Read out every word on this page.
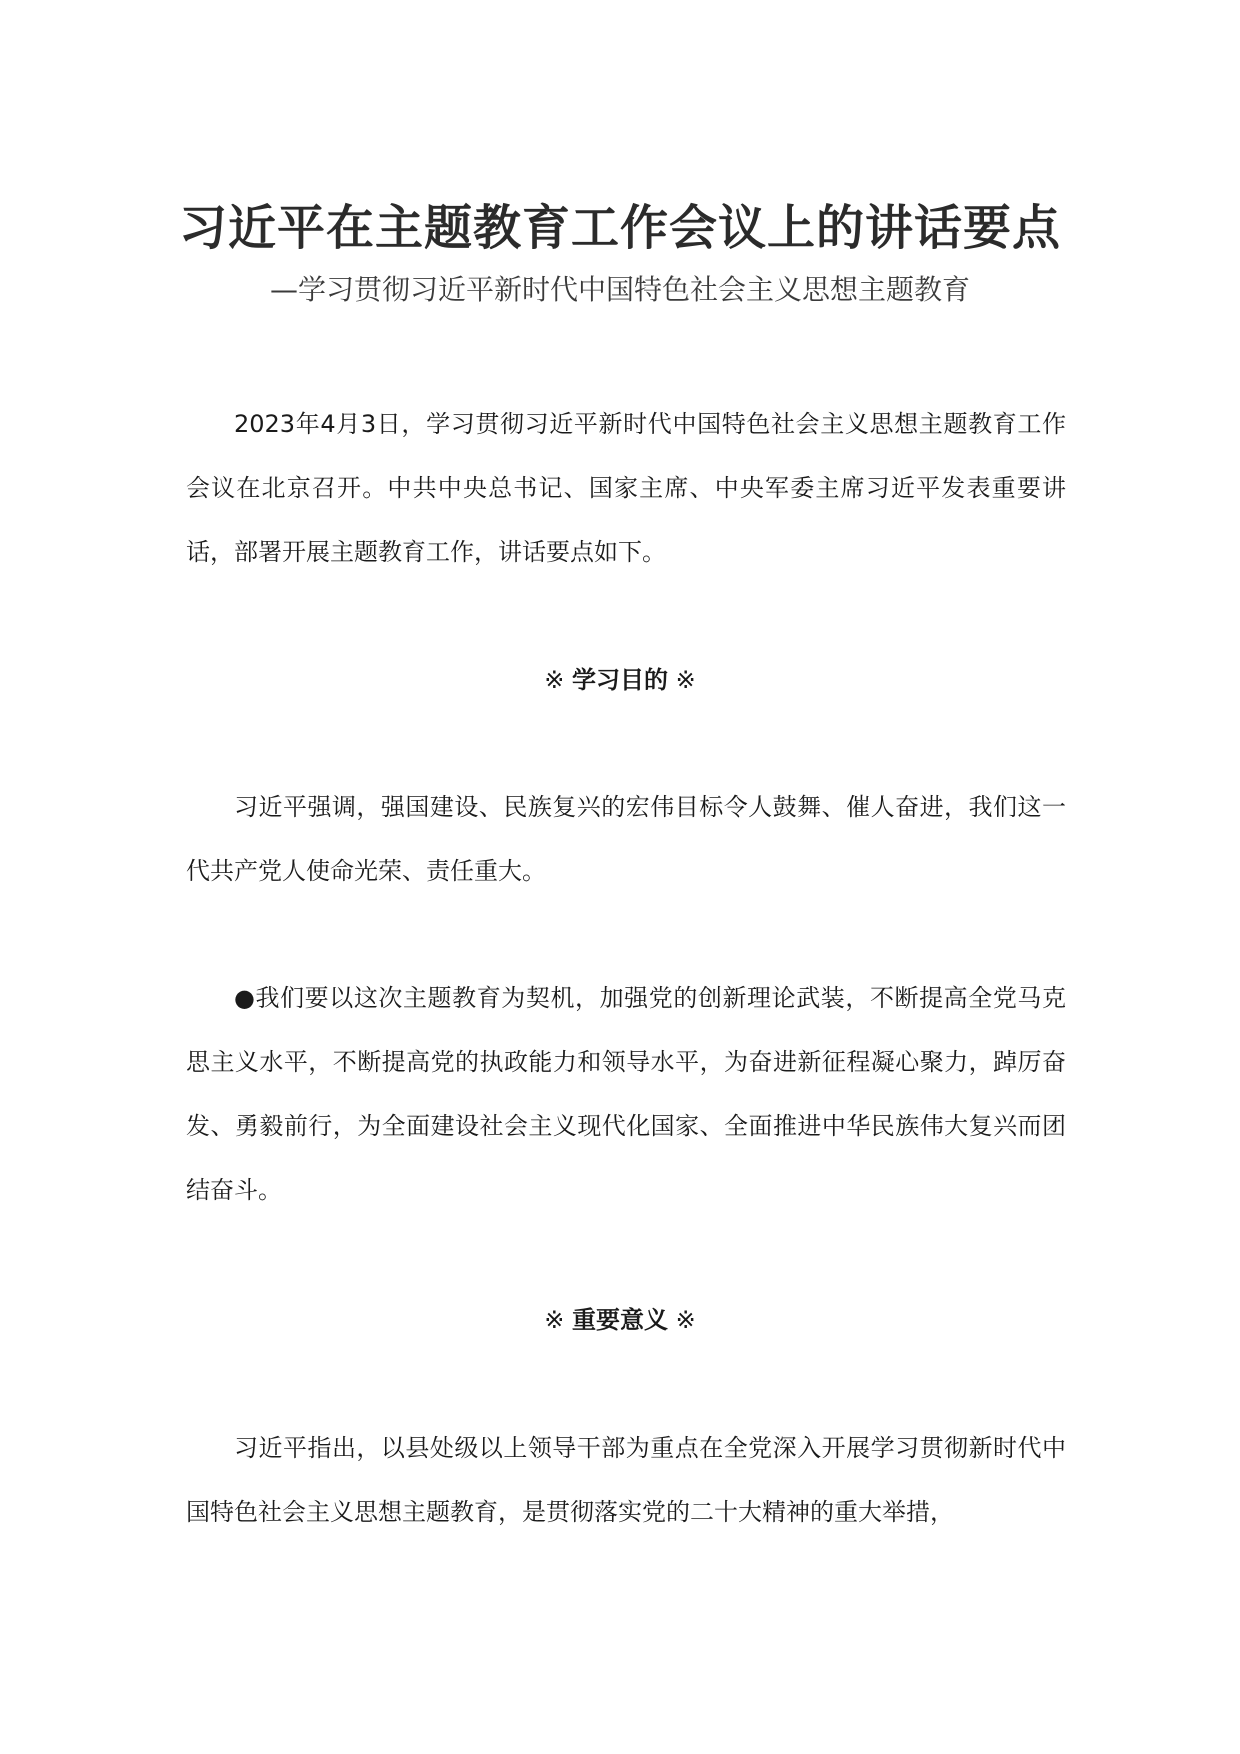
习近平在主题教育工作会议上的讲话要点
—学习贯彻习近平新时代中国特色社会主义思想主题教育
2023年4月3日，学习贯彻习近平新时代中国特色社会主义思想主题教育工作会议在北京召开。中共中央总书记、国家主席、中央军委主席习近平发表重要讲话，部署开展主题教育工作，讲话要点如下。
※ 学习目的 ※
习近平强调，强国建设、民族复兴的宏伟目标令人鼓舞、催人奋进，我们这一代共产党人使命光荣、责任重大。
●我们要以这次主题教育为契机，加强党的创新理论武装，不断提高全党马克思主义水平，不断提高党的执政能力和领导水平，为奋进新征程凝心聚力，踔厉奋发、勇毅前行，为全面建设社会主义现代化国家、全面推进中华民族伟大复兴而团结奋斗。
※ 重要意义 ※
习近平指出，以县处级以上领导干部为重点在全党深入开展学习贯彻新时代中国特色社会主义思想主题教育，是贯彻落实党的二十大精神的重大举措，
